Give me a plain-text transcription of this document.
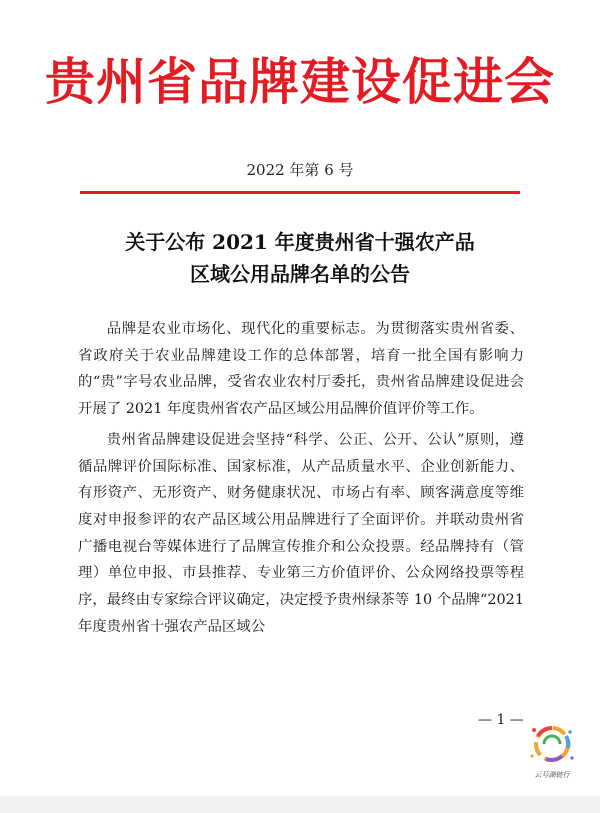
贵州省品牌建设促进会
2022 年第 6 号
关于公布 2021 年度贵州省十强农产品
区域公用品牌名单的公告

品牌是农业市场化、现代化的重要标志。为贯彻落实贵州省委、省政府关于农业品牌建设工作的总体部署，培育一批全国有影响力的“贵”字号农业品牌，受省农业农村厅委托，贵州省品牌建设促进会开展了 2021 年度贵州省农产品区域公用品牌价值评价等工作。

贵州省品牌建设促进会坚持“科学、公正、公开、公认”原则，遵循品牌评价国际标准、国家标准，从产品质量水平、企业创新能力、有形资产、无形资产、财务健康状况、市场占有率、顾客满意度等维度对申报参评的农产品区域公用品牌进行了全面评价。并联动贵州省广播电视台等媒体进行了品牌宣传推介和公众投票。经品牌持有（管理）单位申报、市县推荐、专业第三方价值评价、公众网络投票等程序，最终由专家综合评议确定，决定授予贵州绿茶等 10 个品牌“2021 年度贵州省十强农产品区域公

— 1 —
云号湖链行
